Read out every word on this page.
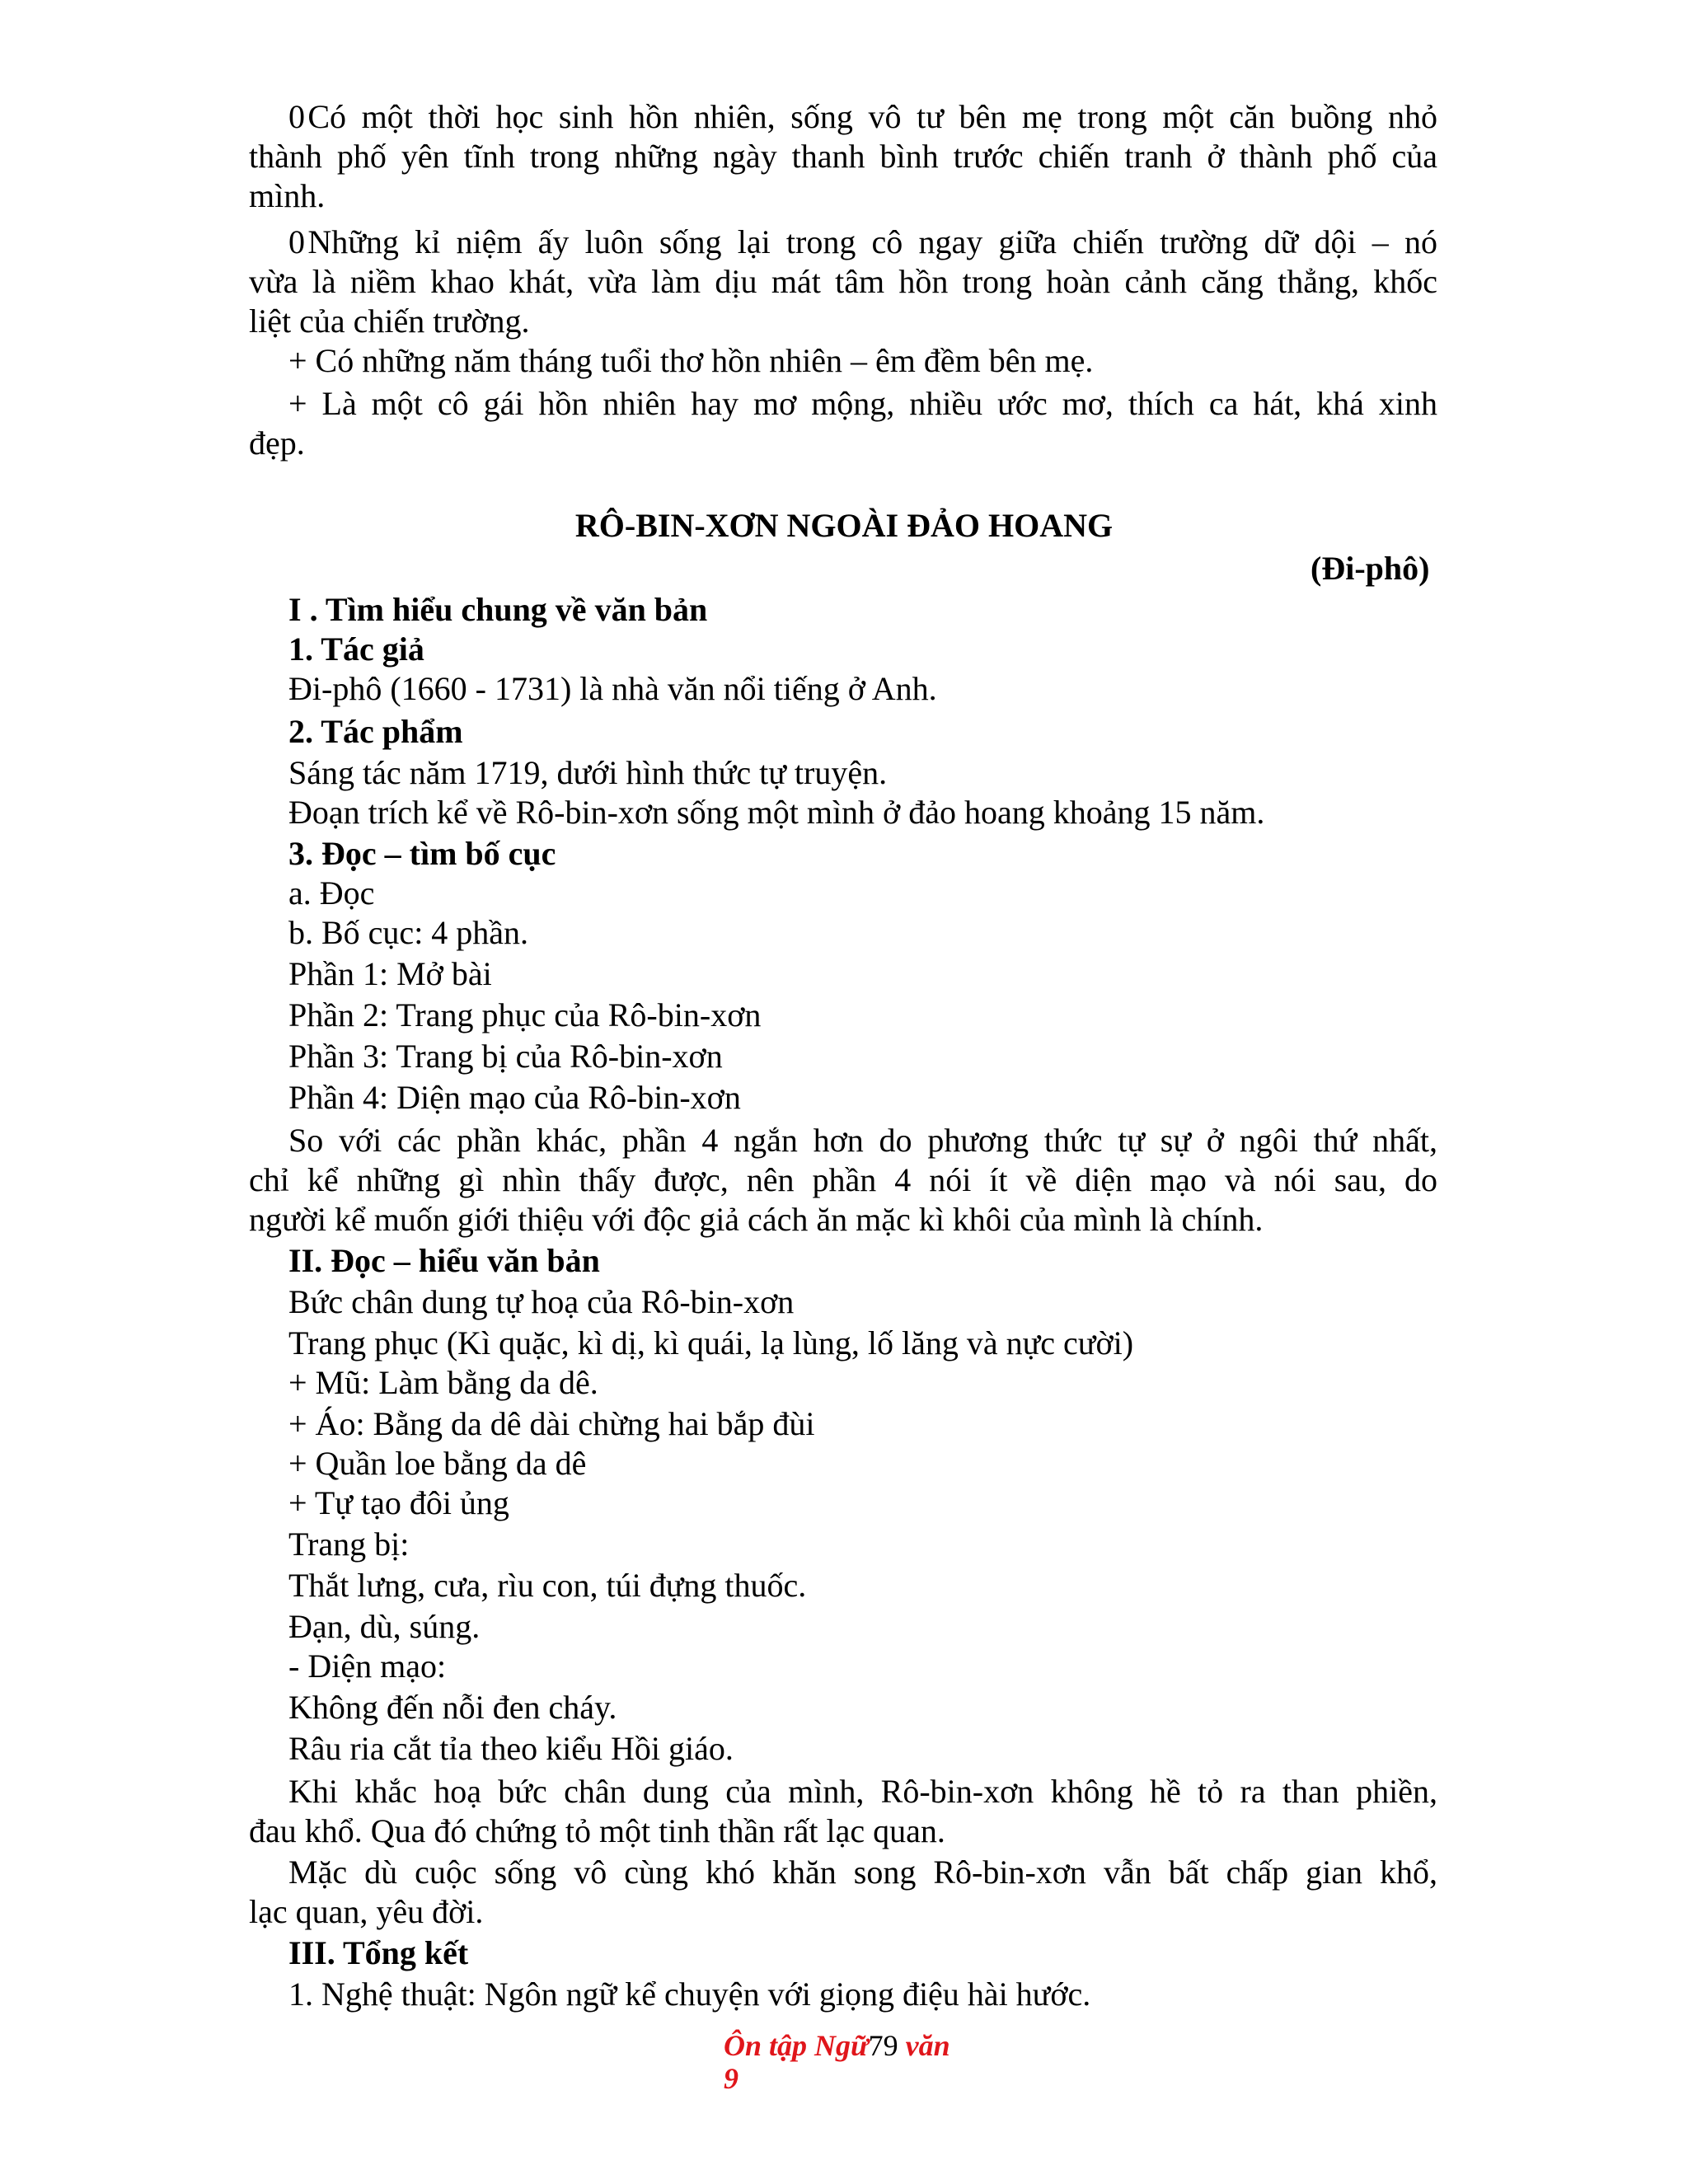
0 Có một thời học sinh hồn nhiên, sống vô tư bên mẹ trong một căn buồng nhỏ
thành phố yên tĩnh trong những ngày thanh bình trước chiến tranh ở thành phố của
mình.
0 Những kỉ niệm ấy luôn sống lại trong cô ngay giữa chiến trường dữ dội – nó
vừa là niềm khao khát, vừa làm dịu mát tâm hồn trong hoàn cảnh căng thẳng, khốc
liệt của chiến trường.
+ Có những năm tháng tuổi thơ hồn nhiên – êm đềm bên mẹ.
+ Là một cô gái hồn nhiên hay mơ mộng, nhiều ước mơ, thích ca hát, khá xinh
đẹp.
RÔ-BIN-XƠN NGOÀI ĐẢO HOANG
(Đi-phô)
I . Tìm hiểu chung về văn bản
1. Tác giả
Đi-phô (1660 - 1731) là nhà văn nổi tiếng ở Anh.
2. Tác phẩm
Sáng tác năm 1719, dưới hình thức tự truyện.
Đoạn trích kể về Rô-bin-xơn sống một mình ở đảo hoang khoảng 15 năm.
3. Đọc – tìm bố cục
a. Đọc
b. Bố cục: 4 phần.
Phần 1: Mở bài
Phần 2: Trang phục của Rô-bin-xơn
Phần 3: Trang bị của Rô-bin-xơn
Phần 4: Diện mạo của Rô-bin-xơn
So với các phần khác, phần 4 ngắn hơn do phương thức tự sự ở ngôi thứ nhất,
chỉ kể những gì nhìn thấy được, nên phần 4 nói ít về diện mạo và nói sau, do
người kể muốn giới thiệu với độc giả cách ăn mặc kì khôi của mình là chính.
II. Đọc – hiểu văn bản
Bức chân dung tự hoạ của Rô-bin-xơn
Trang phục (Kì quặc, kì dị, kì quái, lạ lùng, lố lăng và nực cười)
+ Mũ: Làm bằng da dê.
+ Áo: Bằng da dê dài chừng hai bắp đùi
+ Quần loe bằng da dê
+ Tự tạo đôi ủng
Trang bị:
Thắt lưng, cưa, rìu con, túi đựng thuốc.
Đạn, dù, súng.
- Diện mạo:
Không đến nỗi đen cháy.
Râu ria cắt tỉa theo kiểu Hồi giáo.
Khi khắc hoạ bức chân dung của mình, Rô-bin-xơn không hề tỏ ra than phiền,
đau khổ. Qua đó chứng tỏ một tinh thần rất lạc quan.
Mặc dù cuộc sống vô cùng khó khăn song Rô-bin-xơn vẫn bất chấp gian khổ,
lạc quan, yêu đời.
III. Tổng kết
1. Nghệ thuật: Ngôn ngữ kể chuyện với giọng điệu hài hước.
Ôn tập Ngữ79 văn
9
